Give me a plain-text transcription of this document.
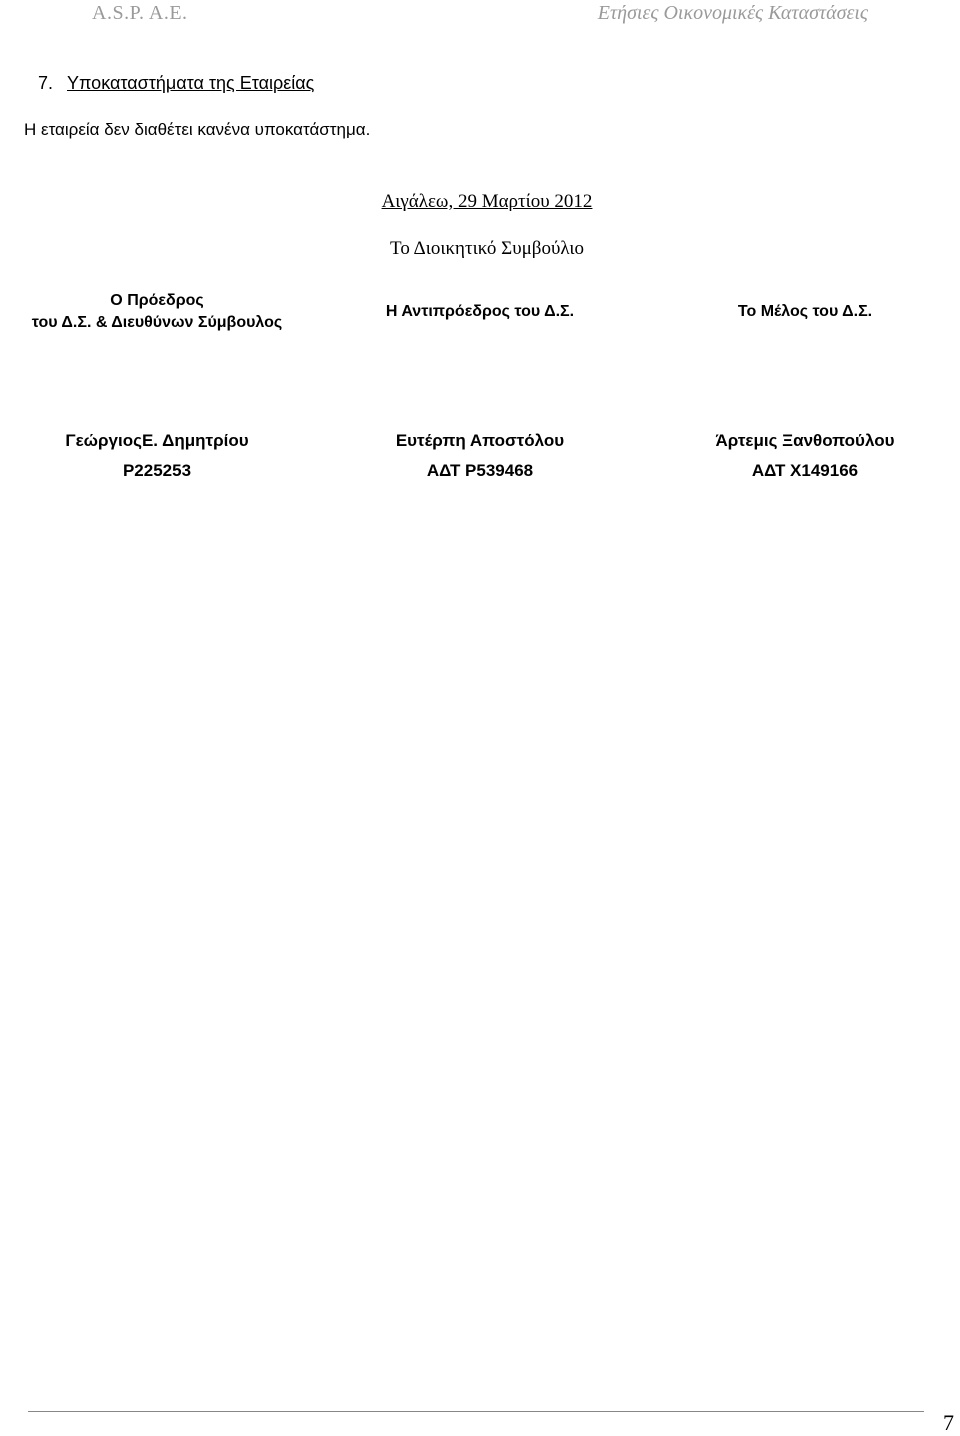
A.S.P. A.E.	Ετήσιες Οικονομικές Καταστάσεις
7. Υποκαταστήματα της Εταιρείας
Η εταιρεία δεν διαθέτει κανένα υποκατάστημα.
Αιγάλεω, 29 Μαρτίου 2012
Το Διοικητικό Συμβούλιο
Ο Πρόεδρος
του Δ.Σ. & Διευθύνων Σύμβουλος
Η Αντιπρόεδρος του Δ.Σ.	Το Μέλος του Δ.Σ.
ΓεώργιοςΕ. Δημητρίου
Ρ225253
Ευτέρπη Αποστόλου
ΑΔΤ Ρ539468
Άρτεμις Ξανθοπούλου
ΑΔΤ Χ149166
7
